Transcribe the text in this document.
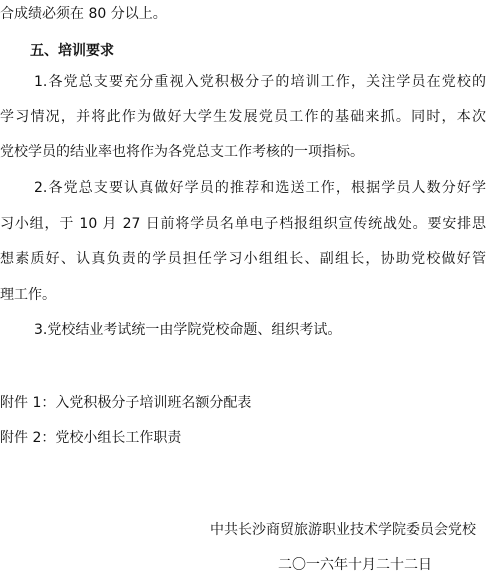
合成绩必须在 80 分以上。
五、培训要求
1.各党总支要充分重视入党积极分子的培训工作，关注学员在党校的
学习情况，并将此作为做好大学生发展党员工作的基础来抓。同时，本次
党校学员的结业率也将作为各党总支工作考核的一项指标。
2.各党总支要认真做好学员的推荐和选送工作，根据学员人数分好学
习小组，于 10 月 27 日前将学员名单电子档报组织宣传统战处。要安排思
想素质好、认真负责的学员担任学习小组组长、副组长，协助党校做好管
理工作。
3.党校结业考试统一由学院党校命题、组织考试。
附件 1：入党积极分子培训班名额分配表
附件 2：党校小组长工作职责
中共长沙商贸旅游职业技术学院委员会党校
二〇一六年十月二十二日
